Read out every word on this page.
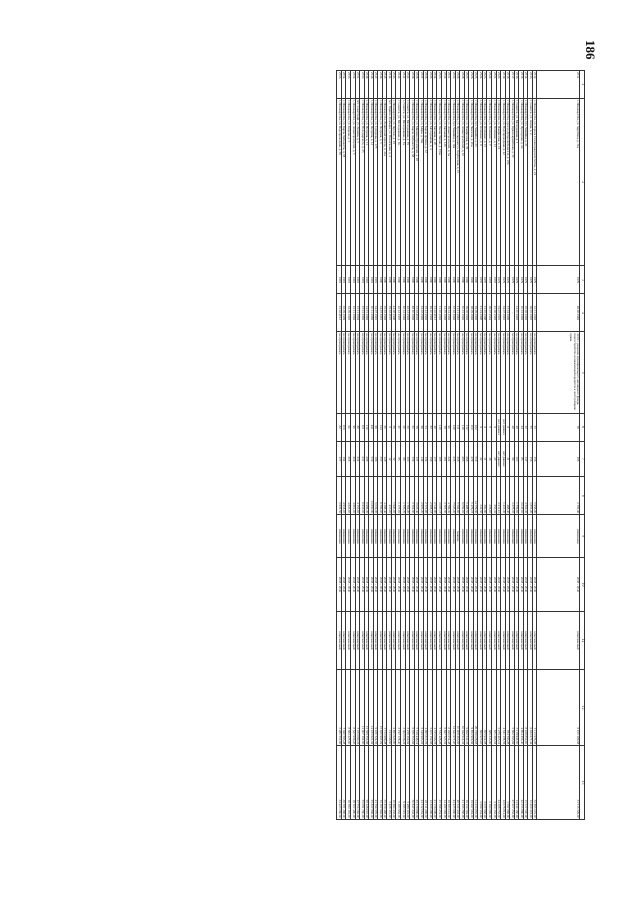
186
1	2	3	4	5	6	7	8	9	10	11	12	13
2511.	г. Йошкар-Ола, ул. Зарубина, д. 11а	1979	26.08.1992	2016 г. решение муниципального жилищного фонда, переустройство незакаченный кредитом в эксплуатацию права	78	185	3 795,90	изменения	2038 - 2040	комплексный	6 815 189,68	31 515 329,00
2512.	г. Йошкар-Ола, ул. Героев Сталинградской битвы, д. 24	1979	12.11.1992	не проводилась	73	156	5 958,80	изменения	2038 - 2040	комплексный	7 113 676,95	32 895 016,00
2513.	г. Советск, ул. Азина, д. 4	1979	08.05.1993	не проводилась	75	156	3 855,20	изменения	2038 - 2040	комплексный	6 932 677,44	13 409 316,00
2514.	г. Йошкар-Ола, бул. Чавайна, д. 21	1979	05.08.1992	не проводилась	72	147	4 502,30	изменения	2038 - 2040	комплексный	8 238 850,00	15 577 500,00
2515.	г. Йошкар-Ола, ул. Прохорова, д. 24	1979	10.01.1992	не проводилась	44	85	2 047,00	изменения	2038 - 2040	комплексный	4 804 450,40	22 355 880,00
2516.	г. Советск, ул. Молодежная, д. 1	1979	14.10.1993	не проводилась	48	100	1 756,00	изменения	2038 - 2040	комплексный	3 119 947,00	14 940 160,00
2517.	г. Йошкар-Ола, ул. Красноармейская, д. 50	1979	-	не проводилась	48	96	3 275,10	изменения	2038 - 2040	комплексный	5 882 563,92	27 207 252,00
2518.	г. Йошкар-Ола, проезд Добролюбова 2-й, д. 25б	1979	17.04.1996	не проводилась	8	31	468,40	изменения	2038 - 2040	комплексный	784 793,28	3 597 888,00
2519.	г. Йошкар-Ола, ул. Водопроводная, д. 42	1979	04.07.1991	не проводилась	нет данных	нет данных	1 413,30	изменения	2038 - 2040	комплексный	2 611 178,56	12 076 814,00
2520.	г. Йошкар-Ола, ул. Панфилова, д. 19	1979	04.07.1991	не проводилась	нет данных	нет данных	2 911,10	изменения	2038 - 2040	комплексный	5 279 405,12	24 386 752,00
2521.	г. Йошкар-Ола, ул. Осипенко, д. 13	1955	21.06.1995	не проводилась	9	27	353,10	изменения	2038 - 2040	комплексный	671 283,52	3 104 152,00
2522.	г. Йошкар-Ола, ул. Осипенко, д. 7	1955	06.07.1994	не проводилась	8	28	378,00	изменения	2038 - 2040	комплексный	686 243,90	3 164 896,00
2523.	г. Йошкар-Ола, ул. Осипенко, д. 15	1955	01.05.1998	не проводилась	9	11	360,90	изменения	2038 - 2040	комплексный	655 934,08	3 037 968,00
2524.	г. Йошкар-Ола, ул. Осипенко, д. 9	1955	21.04.1998	не проводилась	9	22	341,50	изменения	2038 - 2040	комплексный	663 973,00	3 069 104,00
2525.	г. Йошкар-Ола, бул. Чавайна, д. 23	1980	19.06.1992	не проводилась	222	519	14 779,90	изменения	2038 - 2040	комплексный	26 729 028,08	51 234 852,00
2526.	г. Йошкар-Ола, ул. Чкалова, д. 20а	1980	08.09.1992	не проводилась	100	279	5 476,15	изменения	2038 - 2040	комплексный	9 853 909,92	19 697 684,00
2527.	г. Йошкар-Ола, ул. Панфилова, д. 39	1980	09.08.1992	не проводилась	112	268	5 488,50	изменения	2038 - 2040	комплексный	9 822 541,16	19 134 184,00
2528.	г. Йошкар-Ола, ул. Авиастроителей, д. 10	1980	10.01.1992	не проводилась	119	283	6 062,00	изменения	2038 - 2040	комплексный	10 942 914,32	21 165 768,00
2529.	г. Йошкар-Ола, ул. Пролетарская/ул. Кирпичная, д. 10	1980	11.11.1992	не проводилась	111	208	5 582,60	бывшее	2038 - 2040	комплексный	10 008 203,93	48 530 432,00
2530.	г. Йошкар-Ола, бул. Чавайна, д. 18а	1980	07.03.1992	не проводилась	128	235	7 025,20	изменения	2038 - 2040	комплексный	12 641 677,20	24 435 980,00
2531.	г. Йошкар-Ола, ул. Авиастроителей, д. 5а	1980	09.04.1992	не проводилась	90	222	4 796,30	изменения	2038 - 2040	комплексный	8 498 654,48	16 583 012,00
2532.	г. Йошкар-Ола, ул. Баумана, д. 12б	1980	12.05.1992	не проводилась	78	181	3 705,50	изменения	2038 - 2040	комплексный	6 667 725,52	14 480 592,00
2533.	г. Йошкар-Ола, ул. Якова Эшпая, д. 164а	1980	11.03.1992	не проводилась	119	185	3 097,17	изменения	2038 - 2040	комплексный	5 572 428,26	25 768 454,00
2534.	г. Йошкар-Ола, ул. Баумана, д. 20	1980	01.02.2013	не проводилась	48	177	2 542,80	изменения	2038 - 2040	комплексный	4 575 066,76	21 156 096,00
2535.	г. Йошкар-Ола, ул. Молодежная, д. 4	1980	26.10.1992	не проводилась	67	168	2 988,13	изменения	2038 - 2040	комплексный	5 101 152,96	13 659 296,00
2536.	г. Йошкар-Ола, ул. Карла Цеткин, д. 32	1980	16.12.1992	не проводилась	74	139	2 771,80	изменения	2038 - 2040	комплексный	4 997 817,76	23 111 296,00
2537.	г. Йошкар-Ола, ул. Мира, д. 59а	1980	03.03.1992	не проводилась	69	149	2 970,20	изменения	2038 - 2040	комплексный	5 349 983,84	24 712 064,00
2538.	г. Йошкар-Ола, ул. Машиностроителей, д. 28	1980	01.03.2002	не проводилась	76	137	3 025,40	изменения	2038 - 2040	комплексный	5 519 446,14	25 379 896,00
2539.	г. Йошкар-Ола, ул. Карла Либкнехта, д. 98	1980	28.10.1992	не проводилась	61	159	3 702,60	изменения	2038 - 2040	комплексный	6 670 713,92	30 847 232,00
2540.	г. Советск, ул. Молодежная, д. 76	1980	22.12.1992	не проводилась	30	100	1 784,20	изменения	2038 - 2040	комплексный	3 216 102,64	5 289 116,00
2541.	г. Советск, ул. Молодежная, д. 7а	1980	22.12.1992	не проводилась	30	89	1 770,70	изменения	2038 - 2040	комплексный	3 302 036,24	6 195 516,00
2542.	г. Советск, ул. Молодежная, д. 7в	1980	22.12.1997	не проводилась	20	85	1 177,00	изменения	2038 - 2040	комплексный	3 197 178,40	5 183 964,00
2543.	г. Йошкар-Ола, ул. Фрунзе, д. 16	1980	24.08.1998	не проводилась	36	72	1 620,00	изменения	2038 - 2040	комплексный	2 891 620,80	10 694 432,00
2544.	пгт. Юрино-Кужмара, ул. Вокзальная, д. 4	1980	09.02.2005	не проводилась	8	12	413,00	изменения	2038 - 2040	комплексный	743 096,60	3 436 161,00
2545.	г. Йошкар-Ола, Ленинский проезд, д. 41а	1980	05.03.1992	не проводилась	65	128	4 288,40	изменения	2038 - 2040	комплексный	7 713 689,28	35 679 488,00
2546.	г. Йошкар-Ола, ул. Петрова, д. 5	1980	04.07.1991	не проводилась	144	357	8 795,00	изменения	2038 - 2040	комплексный	15 825 997,09	73 167 992,00
2547.	г. Йошкар-Ола, ул. Суворова, д. 175	1981	04.07.1991	не проводилась	96	186	5 019,30	изменения	2038 - 2040	комплексный	9 030 724,56	41 760 576,00
2548.	г. Йошкар-Ола, ул. Петрова, д. 13	1981	10.11.1992	не проводилась	221	519	13 830,80	изменения	2038 - 2040	комплексный	14 183 621,92	55 837 896,00
2549.	г. Йошкар-Ола, ул. Петрова, д. 11	1981	14.01.1992	не проводилась	112	288	6 986,30	изменения	2038 - 2040	комплексный	12 569 750,96	58 126 016,00
2550.	г. Йошкар-Ола, ул. Володарского, д. 25	1981	07.01.1992	не проводилась	101	231	6 616,00	изменения	2038 - 2040	комплексный	11 907 102,60	55 061 760,00
2551.	пгт. Советский, ул. Ленина, д. 5	1981	15.11.1994	не проводилась	88	234	4 153,00	изменения	2038 - 2040	комплексный	7 473 060,16	17 750 392,00
2552.	г. Йошкар-Ола, ул. Авиастроителей, д. 5	1981	12.11.1992	не проводилась	90	206	4 801,00	изменения	2038 - 2040	комплексный	8 637 959,20	16 707 480,00
2553.	г. Йошкар-Ола, ул. Кирова, д. 5	1981	16.09.1993	не проводилась	90	206	4 823,00	изменения	2038 - 2040	комплексный	8 683 225,60	16 793 116,00
2554.	г. Йошкар-Ола, ул. Карла Либкнехта, д. 58	1981	03.09.1999	не проводилась	109	194	4 618,00	изменения	2038 - 2040	комплексный	7 940 583,28	36 781 388,00
2555.	г. Йошкар-Ола, ул. Водопроводная, д. 69	1981	01.02.2013	не проводилась	82	177	2 935,50	изменения	2038 - 2040	комплексный	5 281 551,60	24 423 360,00
